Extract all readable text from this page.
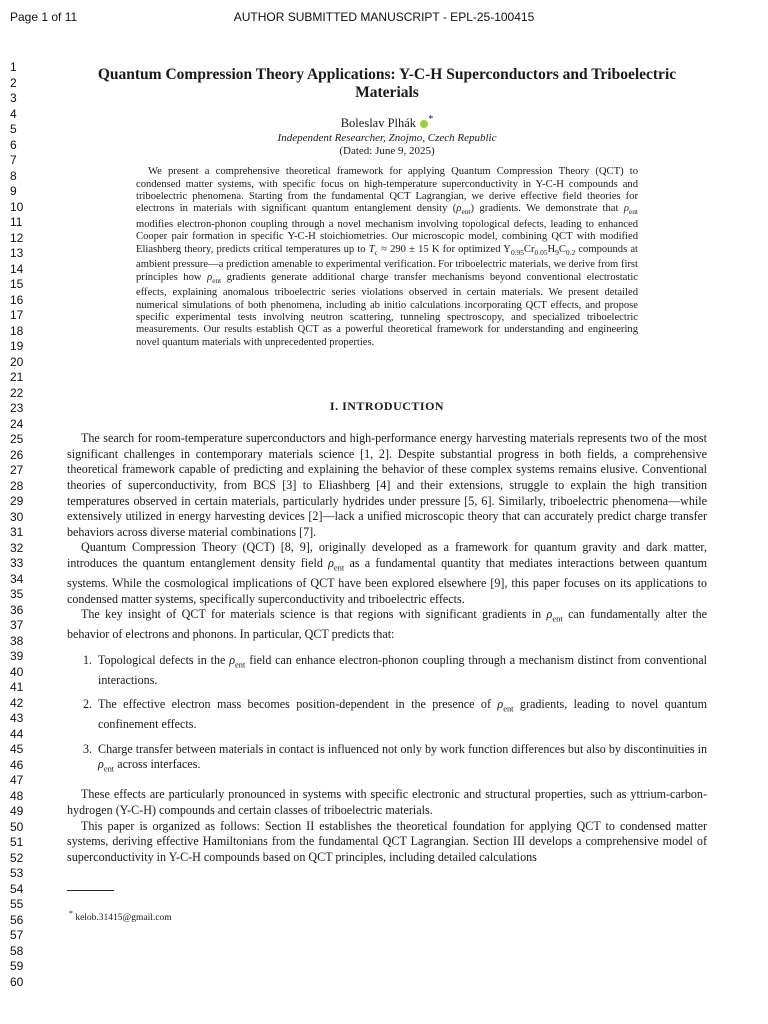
Page 1 of 11	AUTHOR SUBMITTED MANUSCRIPT - EPL-25-100415
1
2
3
4
5
6
7
8
9
10
11
12
13
14
15
16
17
18
19
20
21
22
23
24
25
26
27
28
29
30
31
32
33
34
35
36
37
38
39
40
41
42
43
44
45
46
47
48
49
50
51
52
53
54
55
56
57
58
59
60
Quantum Compression Theory Applications: Y-C-H Superconductors and Triboelectric Materials
Boleslav Plhák *
Independent Researcher, Znojmo, Czech Republic
(Dated: June 9, 2025)
We present a comprehensive theoretical framework for applying Quantum Compression Theory (QCT) to condensed matter systems, with specific focus on high-temperature superconductivity in Y-C-H compounds and triboelectric phenomena. Starting from the fundamental QCT Lagrangian, we derive effective field theories for electrons in materials with significant quantum entanglement density $(\rho_{ent})$ gradients. We demonstrate that $\rho_{ent}$ modifies electron-phonon coupling through a novel mechanism involving topological defects, leading to enhanced Cooper pair formation in specific Y-C-H stoichiometries. Our microscopic model, combining QCT with modified Eliashberg theory, predicts critical temperatures up to $T_c \approx 290 \pm 15$ K for optimized $Y_{0.95}Cr_{0.05}H_9C_{0.2}$ compounds at ambient pressure—a prediction amenable to experimental verification. For triboelectric materials, we derive from first principles how $\rho_{ent}$ gradients generate additional charge transfer mechanisms beyond conventional electrostatic effects, explaining anomalous triboelectric series violations observed in certain materials. We present detailed numerical simulations of both phenomena, including ab initio calculations incorporating QCT effects, and propose specific experimental tests involving neutron scattering, tunneling spectroscopy, and specialized triboelectric measurements. Our results establish QCT as a powerful theoretical framework for understanding and engineering novel quantum materials with unprecedented properties.
I. INTRODUCTION

The search for room-temperature superconductors and high-performance energy harvesting materials represents two of the most significant challenges in contemporary materials science [1, 2]. Despite substantial progress in both fields, a comprehensive theoretical framework capable of predicting and explaining the behavior of these complex systems remains elusive. Conventional theories of superconductivity, from BCS [3] to Eliashberg [4] and their extensions, struggle to explain the high transition temperatures observed in certain materials, particularly hydrides under pressure [5, 6]. Similarly, triboelectric phenomena—while extensively utilized in energy harvesting devices [2]—lack a unified microscopic theory that can accurately predict charge transfer behaviors across diverse material combinations [7].

Quantum Compression Theory (QCT) [8, 9], originally developed as a framework for quantum gravity and dark matter, introduces the quantum entanglement density field $\rho_{ent}$ as a fundamental quantity that mediates interactions between quantum systems. While the cosmological implications of QCT have been explored elsewhere [9], this paper focuses on its applications to condensed matter systems, specifically superconductivity and triboelectric effects.

The key insight of QCT for materials science is that regions with significant gradients in $\rho_{ent}$ can fundamentally alter the behavior of electrons and phonons. In particular, QCT predicts that:

1. Topological defects in the $\rho_{ent}$ field can enhance electron-phonon coupling through a mechanism distinct from conventional interactions.
2. The effective electron mass becomes position-dependent in the presence of $\rho_{ent}$ gradients, leading to novel quantum confinement effects.
3. Charge transfer between materials in contact is influenced not only by work function differences but also by discontinuities in $\rho_{ent}$ across interfaces.

These effects are particularly pronounced in systems with specific electronic and structural properties, such as yttrium-carbon-hydrogen (Y-C-H) compounds and certain classes of triboelectric materials.

This paper is organized as follows: Section II establishes the theoretical foundation for applying QCT to condensed matter systems, deriving effective Hamiltonians from the fundamental QCT Lagrangian. Section III develops a comprehensive model of superconductivity in Y-C-H compounds based on QCT principles, including detailed calculations

* kelob.31415@gmail.com
